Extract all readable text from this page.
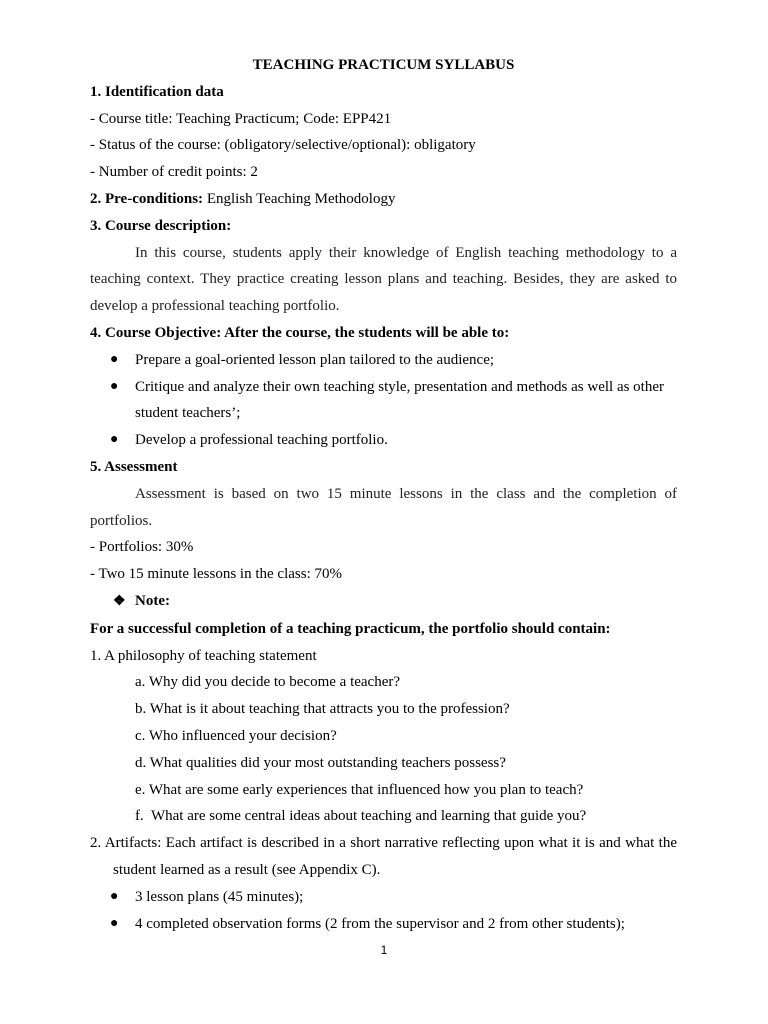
TEACHING PRACTICUM SYLLABUS
1. Identification data
- Course title: Teaching Practicum; Code: EPP421
- Status of the course: (obligatory/selective/optional): obligatory
- Number of credit points: 2
2. Pre-conditions: English Teaching Methodology
3. Course description:
In this course, students apply their knowledge of English teaching methodology to a teaching context. They practice creating lesson plans and teaching. Besides, they are asked to develop a professional teaching portfolio.
4. Course Objective: After the course, the students will be able to:
● Prepare a goal-oriented lesson plan tailored to the audience;
● Critique and analyze their own teaching style, presentation and methods as well as other student teachers’;
● Develop a professional teaching portfolio.
5. Assessment
Assessment is based on two 15 minute lessons in the class and the completion of portfolios.
- Portfolios: 30%
- Two 15 minute lessons in the class: 70%
❖ Note:
For a successful completion of a teaching practicum, the portfolio should contain:
1. A philosophy of teaching statement
a. Why did you decide to become a teacher?
b. What is it about teaching that attracts you to the profession?
c. Who influenced your decision?
d. What qualities did your most outstanding teachers possess?
e. What are some early experiences that influenced how you plan to teach?
f.  What are some central ideas about teaching and learning that guide you?
2. Artifacts: Each artifact is described in a short narrative reflecting upon what it is and what the student learned as a result (see Appendix C).
● 3 lesson plans (45 minutes);
● 4 completed observation forms (2 from the supervisor and 2 from other students);
1
